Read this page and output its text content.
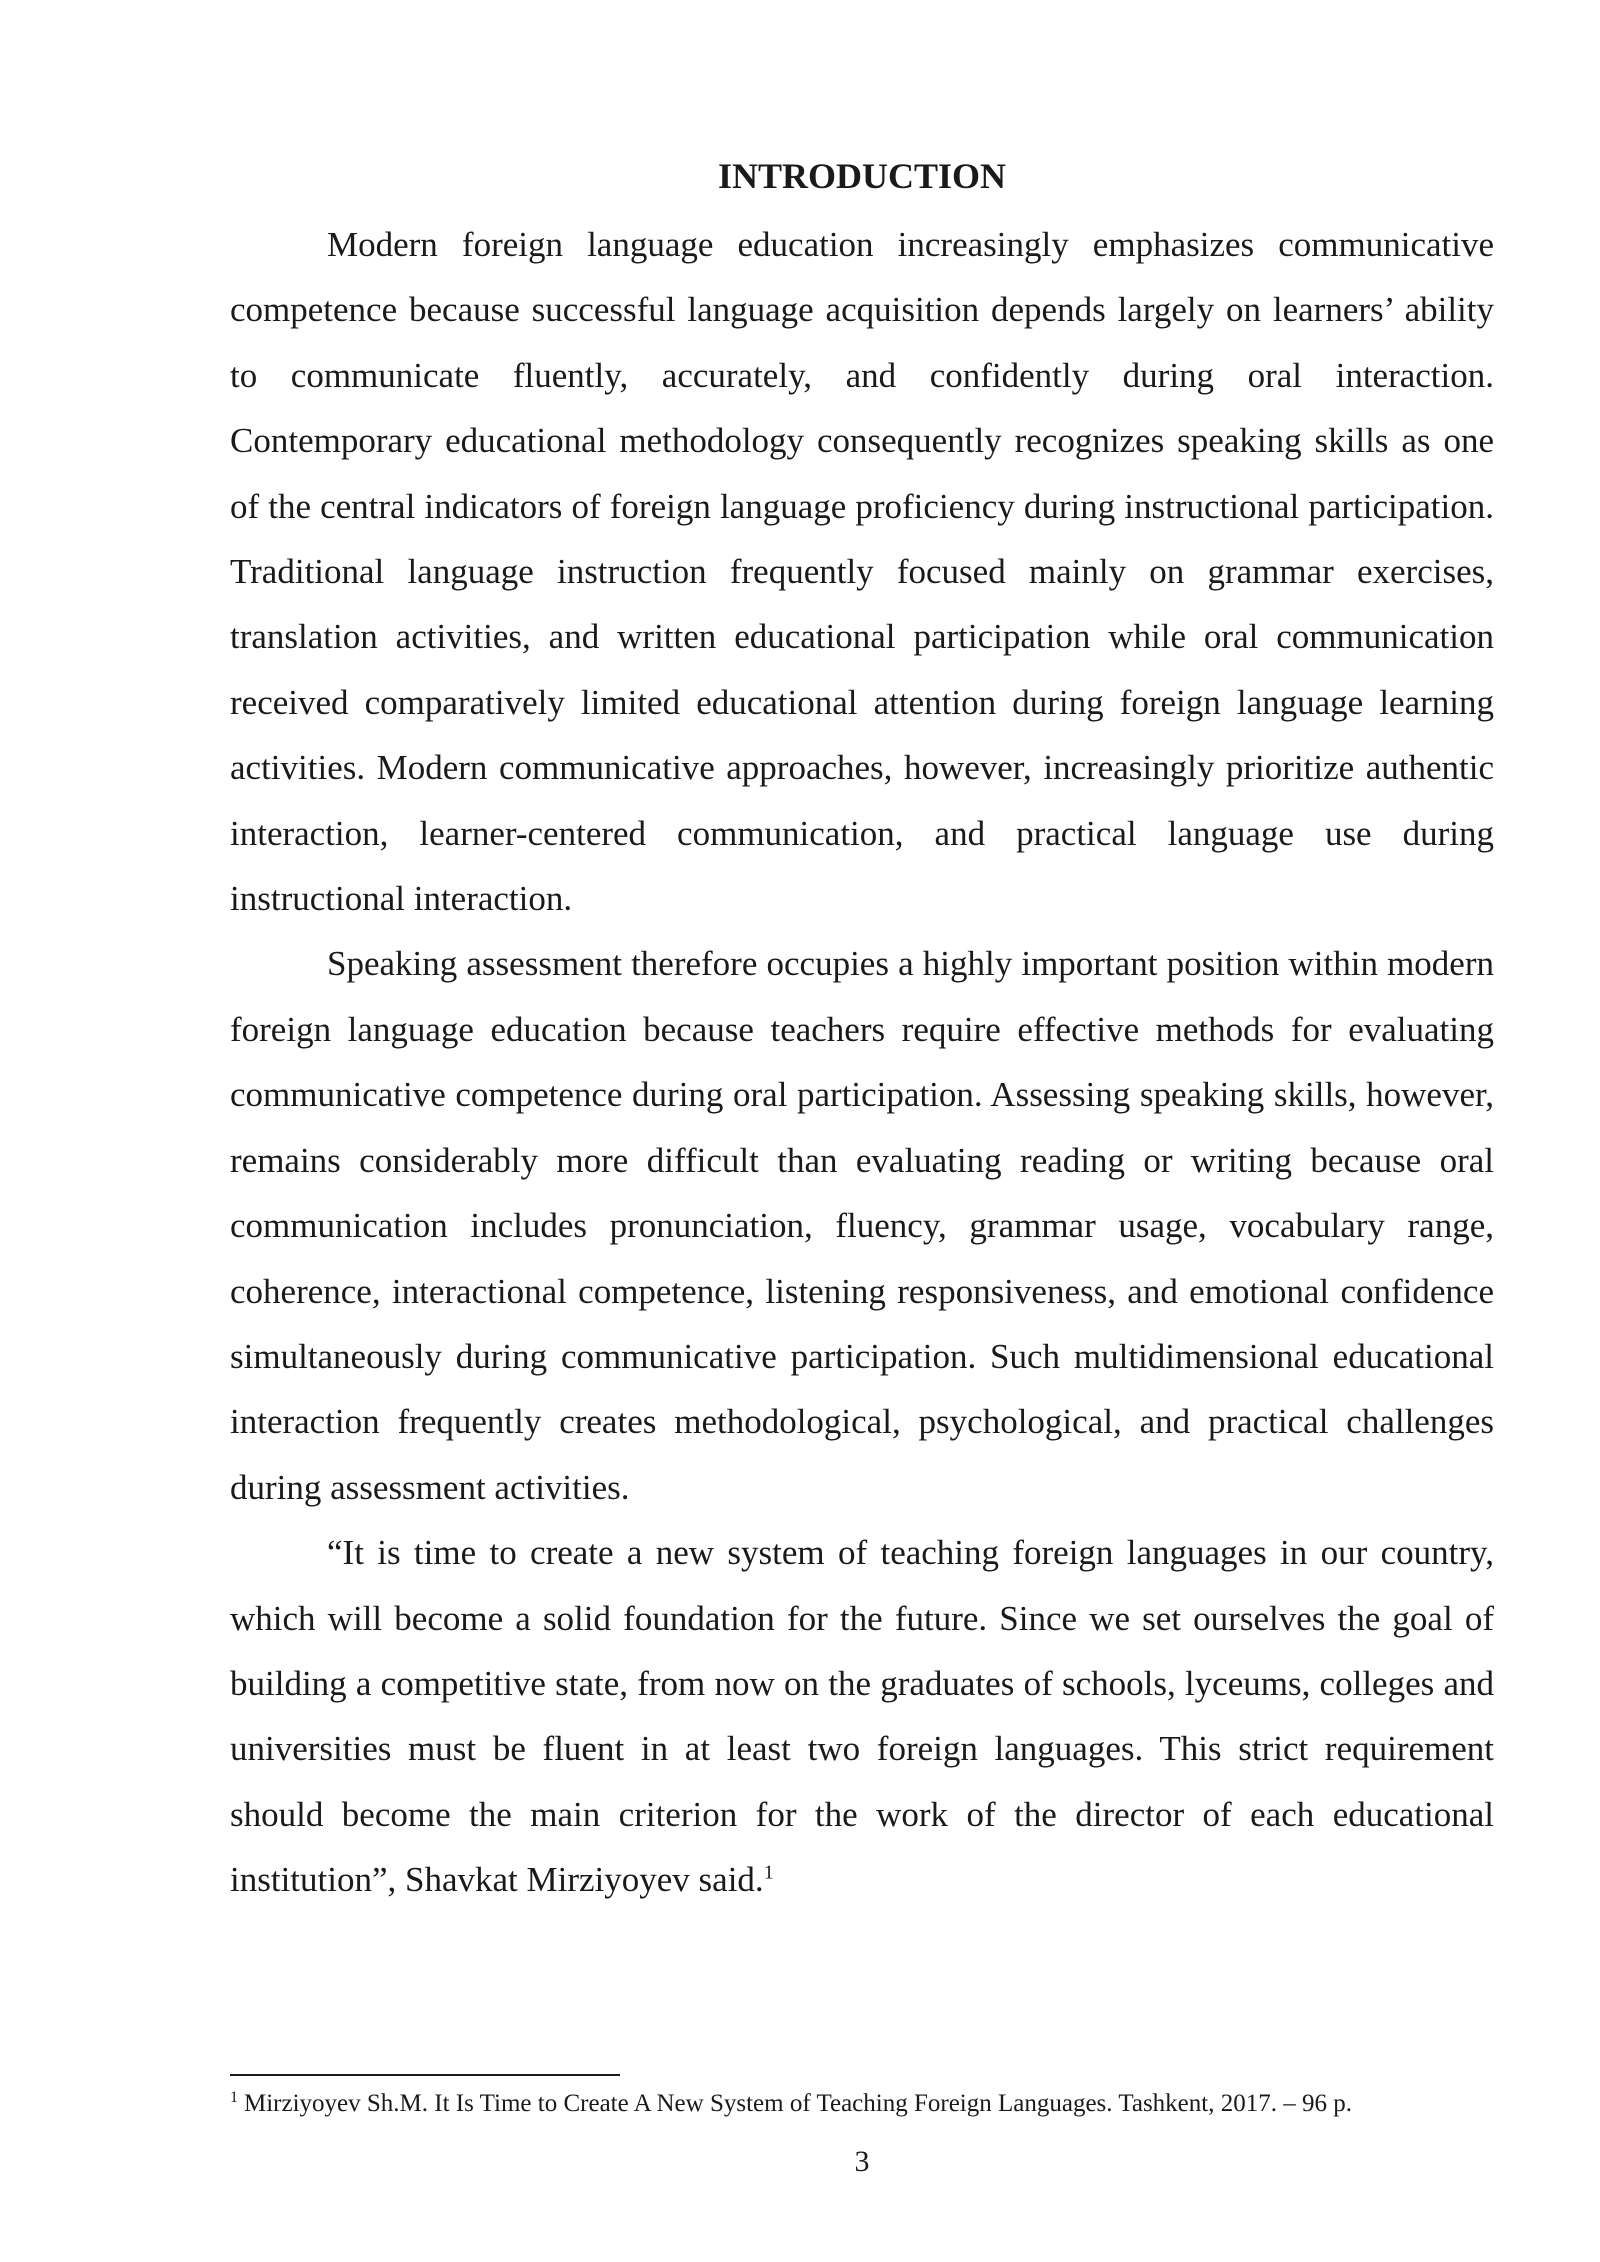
INTRODUCTION

Modern foreign language education increasingly emphasizes communicative competence because successful language acquisition depends largely on learners’ ability to communicate fluently, accurately, and confidently during oral interaction. Contemporary educational methodology consequently recognizes speaking skills as one of the central indicators of foreign language proficiency during instructional participation. Traditional language instruction frequently focused mainly on grammar exercises, translation activities, and written educational participation while oral communication received comparatively limited educational attention during foreign language learning activities. Modern communicative approaches, however, increasingly prioritize authentic interaction, learner-centered communication, and practical language use during instructional interaction.

Speaking assessment therefore occupies a highly important position within modern foreign language education because teachers require effective methods for evaluating communicative competence during oral participation. Assessing speaking skills, however, remains considerably more difficult than evaluating reading or writing because oral communication includes pronunciation, fluency, grammar usage, vocabulary range, coherence, interactional competence, listening responsiveness, and emotional confidence simultaneously during communicative participation. Such multidimensional educational interaction frequently creates methodological, psychological, and practical challenges during assessment activities.

“It is time to create a new system of teaching foreign languages in our country, which will become a solid foundation for the future. Since we set ourselves the goal of building a competitive state, from now on the graduates of schools, lyceums, colleges and universities must be fluent in at least two foreign languages. This strict requirement should become the main criterion for the work of the director of each educational institution”, Shavkat Mirziyoyev said.$^1$

$^1$ Mirziyoyev Sh.M. It Is Time to Create A New System of Teaching Foreign Languages. Tashkent, 2017. – 96 p.
3
